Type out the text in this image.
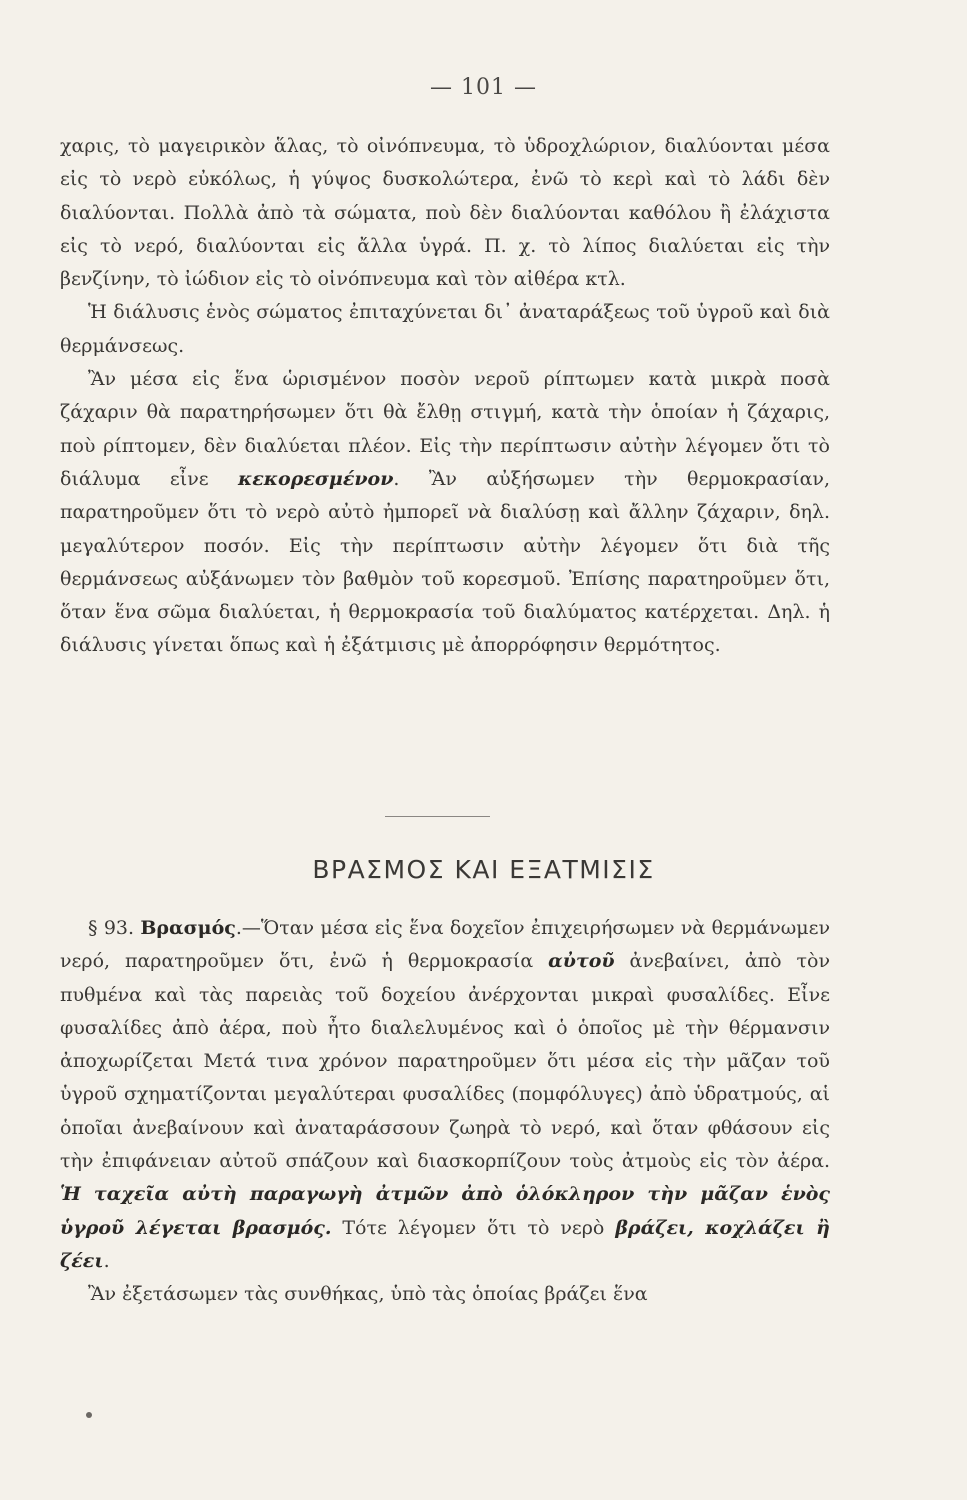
— 101 —

χαρις, τὸ μαγειρικὸν ἅλας, τὸ οἰνόπνευμα, τὸ ὑδροχλώριον, διαλύονται μέσα εἰς τὸ νερὸ εὐκόλως, ἡ γύψος δυσκολώτερα, ἐνῶ τὸ κερὶ καὶ τὸ λάδι δὲν διαλύονται. Πολλὰ ἀπὸ τὰ σώματα, ποὺ δὲν διαλύονται καθόλου ἢ ἐλάχιστα εἰς τὸ νερό, διαλύονται εἰς ἄλλα ὑγρά. Π. χ. τὸ λίπος διαλύεται εἰς τὴν βενζίνην, τὸ ἰώδιον εἰς τὸ οἰνόπνευμα καὶ τὸν αἰθέρα κτλ.

Ἡ διάλυσις ἑνὸς σώματος ἐπιταχύνεται δι᾽ ἀναταράξεως τοῦ ὑγροῦ καὶ διὰ θερμάνσεως.

Ἂν μέσα εἰς ἕνα ὡρισμένον ποσὸν νεροῦ ρίπτωμεν κατὰ μικρὰ ποσὰ ζάχαριν θὰ παρατηρήσωμεν ὅτι θὰ ἔλθῃ στιγμή, κατὰ τὴν ὁποίαν ἡ ζάχαρις, ποὺ ρίπτομεν, δὲν διαλύεται πλέον. Εἰς τὴν περίπτωσιν αὐτὴν λέγομεν ὅτι τὸ διάλυμα εἶνε κεκορεσμένον. Ἂν αὐξήσωμεν τὴν θερμοκρασίαν, παρατηροῦμεν ὅτι τὸ νερὸ αὐτὸ ἠμπορεῖ νὰ διαλύσῃ καὶ ἄλλην ζάχαριν, δηλ. μεγαλύτερον ποσόν. Εἰς τὴν περίπτωσιν αὐτὴν λέγομεν ὅτι διὰ τῆς θερμάνσεως αὐξάνωμεν τὸν βαθμὸν τοῦ κορεσμοῦ. Ἐπίσης παρατηροῦμεν ὅτι, ὅταν ἕνα σῶμα διαλύεται, ἡ θερμοκρασία τοῦ διαλύματος κατέρχεται. Δηλ. ἡ διάλυσις γίνεται ὅπως καὶ ἡ ἐξάτμισις μὲ ἀπορρόφησιν θερμότητος.

ΒΡΑΣΜΟΣ ΚΑΙ ΕΞΑΤΜΙΣΙΣ

§ 93. Βρασμός.—Ὅταν μέσα εἰς ἕνα δοχεῖον ἐπιχειρήσωμεν νὰ θερμάνωμεν νερό, παρατηροῦμεν ὅτι, ἐνῶ ἡ θερμοκρασία αὐτοῦ ἀνεβαίνει, ἀπὸ τὸν πυθμένα καὶ τὰς παρειὰς τοῦ δοχείου ἀνέρχονται μικραὶ φυσαλίδες. Εἶνε φυσαλίδες ἀπὸ ἀέρα, ποὺ ἦτο διαλελυμένος καὶ ὁ ὁποῖος μὲ τὴν θέρμανσιν ἀποχωρίζεται Μετά τινα χρόνον παρατηροῦμεν ὅτι μέσα εἰς τὴν μᾶζαν τοῦ ὑγροῦ σχηματίζονται μεγαλύτεραι φυσαλίδες (πομφόλυγες) ἀπὸ ὑδρατμούς, αἱ ὁποῖαι ἀνεβαίνουν καὶ ἀναταράσσουν ζωηρὰ τὸ νερό, καὶ ὅταν φθάσουν εἰς τὴν ἐπιφάνειαν αὐτοῦ σπάζουν καὶ διασκορπίζουν τοὺς ἀτμοὺς εἰς τὸν ἀέρα. Ἡ ταχεῖα αὐτὴ παραγωγὴ ἀτμῶν ἀπὸ ὁλόκληρον τὴν μᾶζαν ἑνὸς ὑγροῦ λέγεται βρασμός. Τότε λέγομεν ὅτι τὸ νερὸ βράζει, κοχλάζει ἢ ζέει.

Ἂν ἐξετάσωμεν τὰς συνθήκας, ὑπὸ τὰς ὁποίας βράζει ἕνα
